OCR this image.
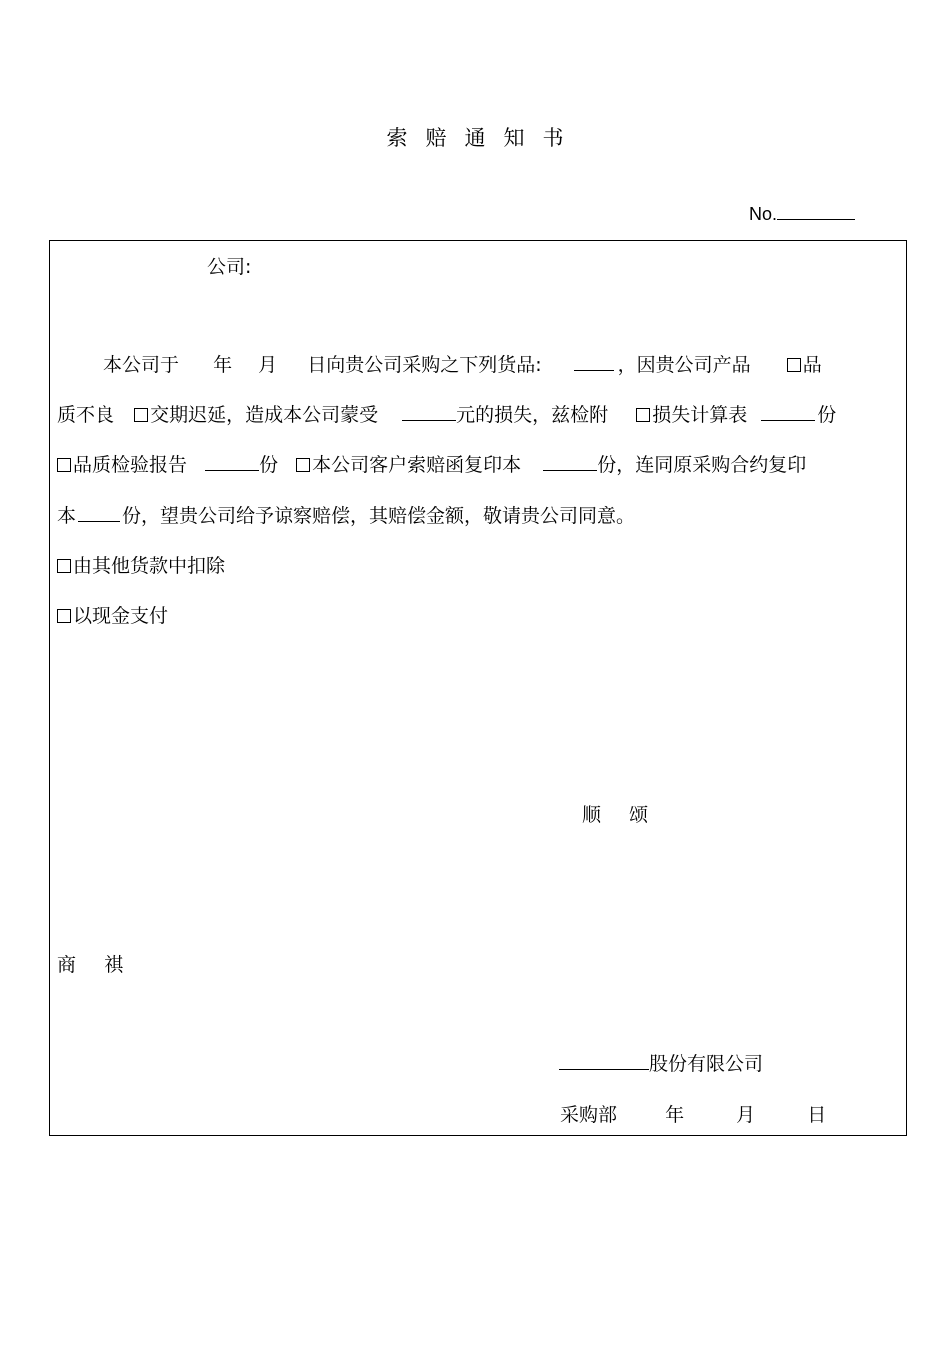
索赔通知书
No.
公司:
本公司于 年 月 日向贵公司采购之下列货品:	，因贵公司产品	品
质不良 交期迟延，造成本公司蒙受	元的损失，兹检附 损失计算表	份
品质检验报告	份 本公司客户索赔函复印本	份，连同原采购合约复印
本 份，望贵公司给予谅察赔偿，其赔偿金额，敬请贵公司同意。
由其他货款中扣除
以现金支付
顺  颂
商  祺
股份有限公司
采购部	年	月	日
